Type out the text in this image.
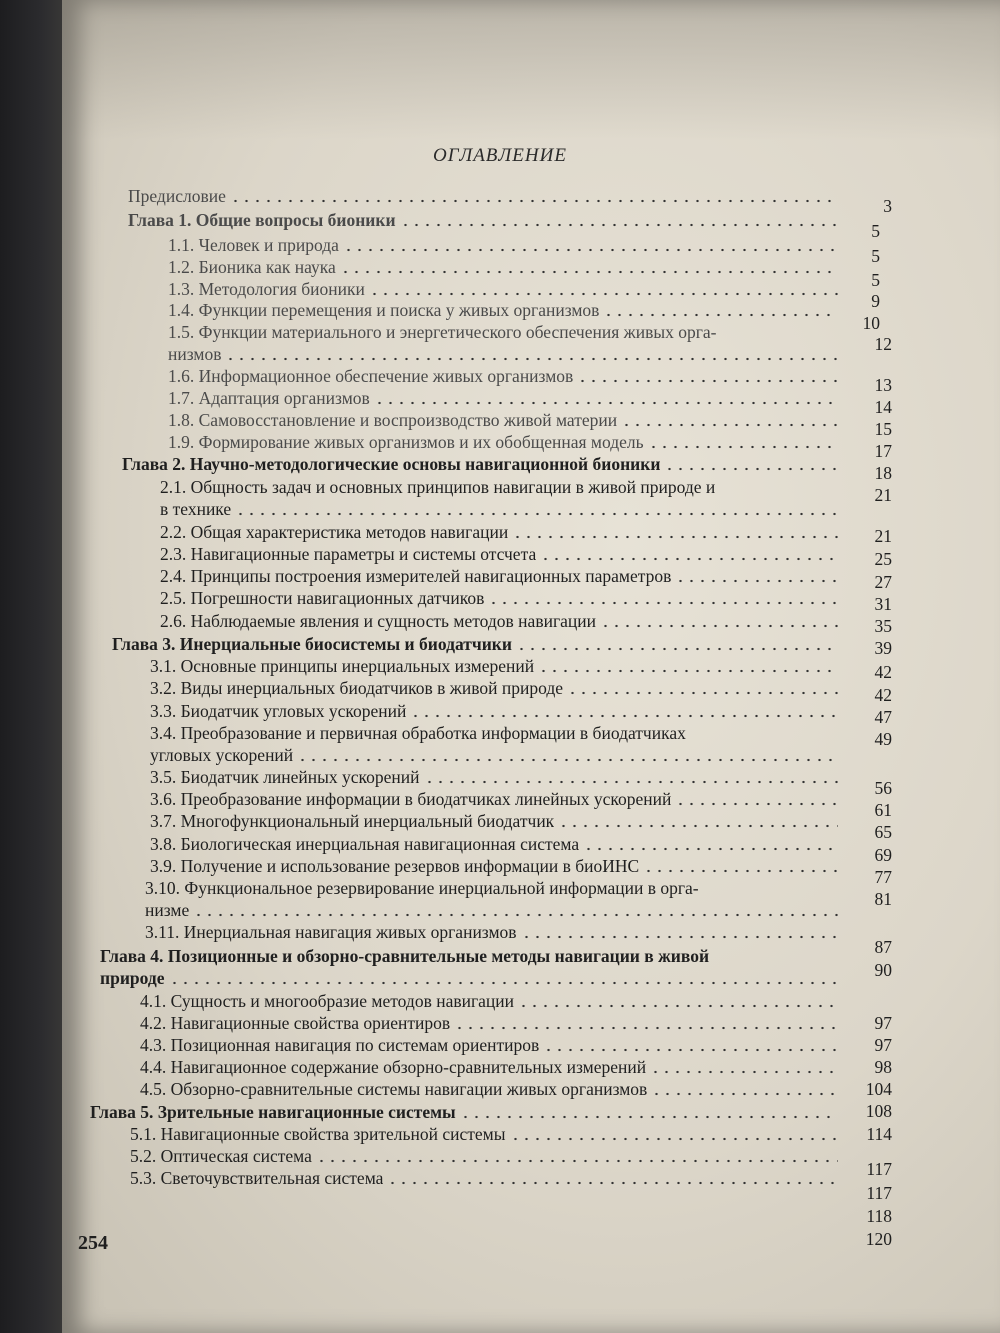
ОГЛАВЛЕНИЕ
Предисловие
Глава 1. Общие вопросы бионики
1.1. Человек и природа
1.2. Бионика как наука
1.3. Методология бионики
1.4. Функции перемещения и поиска у живых организмов
1.5. Функции материального и энергетического обеспечения живых орга-
низмов
1.6. Информационное обеспечение живых организмов
1.7. Адаптация организмов
1.8. Самовосстановление и воспроизводство живой материи
1.9. Формирование живых организмов и их обобщенная модель
Глава 2. Научно-методологические основы навигационной бионики
2.1. Общность задач и основных принципов навигации в живой природе и
в технике
2.2. Общая характеристика методов навигации
2.3. Навигационные параметры и системы отсчета
2.4. Принципы построения измерителей навигационных параметров
2.5. Погрешности навигационных датчиков
2.6. Наблюдаемые явления и сущность методов навигации
Глава 3. Инерциальные биосистемы и биодатчики
3.1. Основные принципы инерциальных измерений
3.2. Виды инерциальных биодатчиков в живой природе
3.3. Биодатчик угловых ускорений
3.4. Преобразование и первичная обработка информации в биодатчиках
угловых ускорений
3.5. Биодатчик линейных ускорений
3.6. Преобразование информации в биодатчиках линейных ускорений
3.7. Многофункциональный инерциальный биодатчик
3.8. Биологическая инерциальная навигационная система
3.9. Получение и использование резервов информации в биоИНС
3.10. Функциональное резервирование инерциальной информации в орга-
низме
3.11. Инерциальная навигация живых организмов
Глава 4. Позиционные и обзорно-сравнительные методы навигации в живой
природе
4.1. Сущность и многообразие методов навигации
4.2. Навигационные свойства ориентиров
4.3. Позиционная навигация по системам ориентиров
4.4. Навигационное содержание обзорно-сравнительных измерений
4.5. Обзорно-сравнительные системы навигации живых организмов
Глава 5. Зрительные навигационные системы
5.1. Навигационные свойства зрительной системы
5.2. Оптическая система
5.3. Светочувствительная система
3
5
5
5
9
10
12
13
14
15
17
18
21
21
25
27
31
35
39
42
42
47
49
56
61
65
69
77
81
87
90
97
97
98
104
108
114
117
117
118
120
254
